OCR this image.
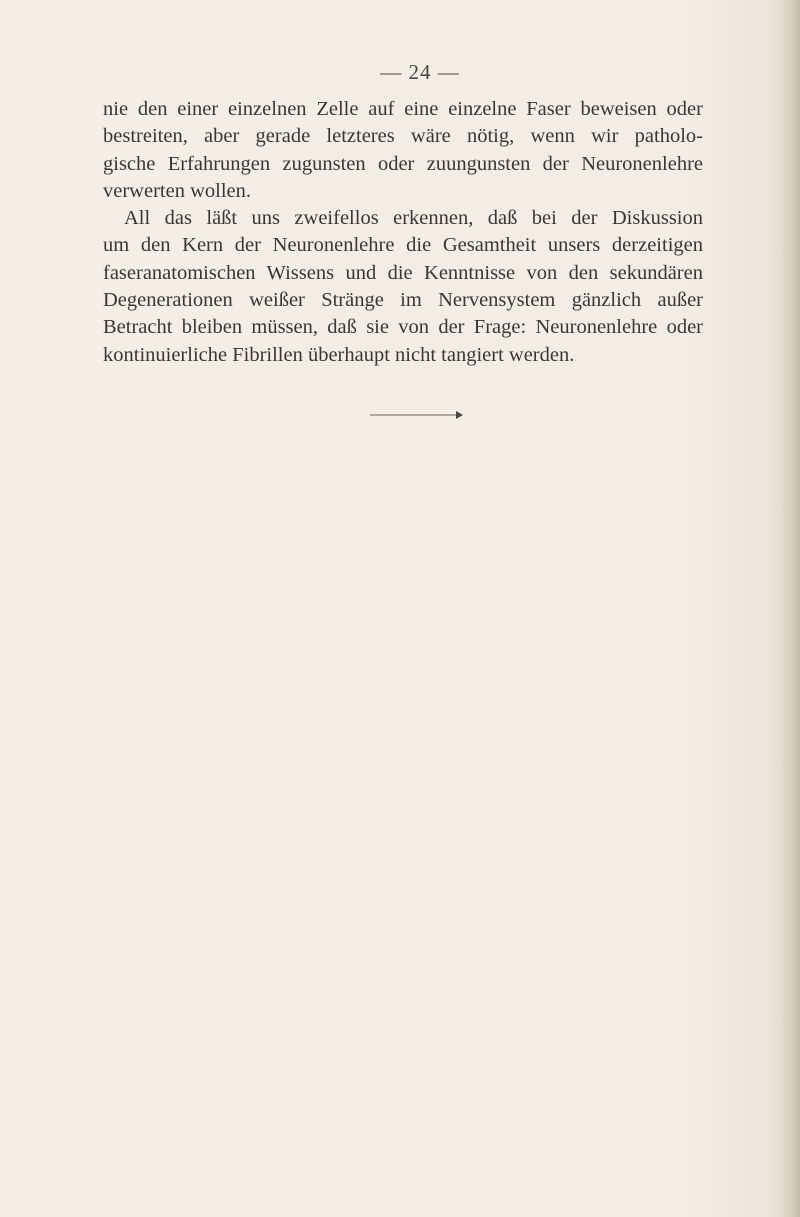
— 24 —
nie den einer einzelnen Zelle auf eine einzelne Faser beweisen oder
bestreiten, aber gerade letzteres wäre nötig, wenn wir patholo-
gische Erfahrungen zugunsten oder zuungunsten der Neuronenlehre
verwerten wollen.
All das läßt uns zweifellos erkennen, daß bei der Diskussion
um den Kern der Neuronenlehre die Gesamtheit unsers derzeitigen
faseranatomischen Wissens und die Kenntnisse von den sekundären
Degenerationen weißer Stränge im Nervensystem gänzlich außer
Betracht bleiben müssen, daß sie von der Frage: Neuronenlehre oder
kontinuierliche Fibrillen überhaupt nicht tangiert werden.
